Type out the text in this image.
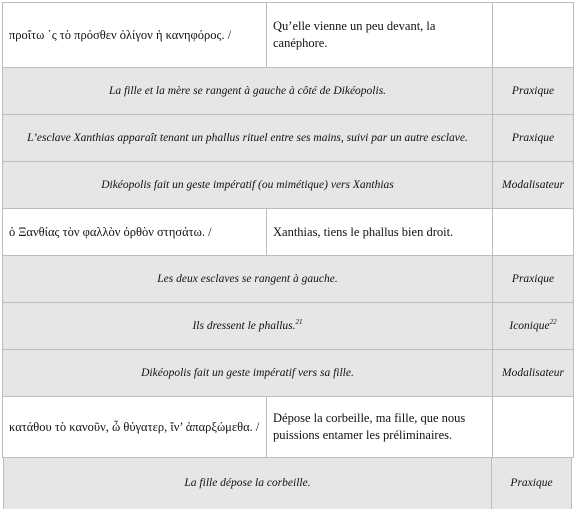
προΐτω ΄ς τὸ πρόσθεν ὀλίγον ἡ κανηφόρος. /	Qu’elle vienne un peu devant, la canéphore.	
La fille et la mère se rangent à gauche à côté de Dikéopolis.		Praxique
L’esclave Xanthias apparaît tenant un phallus rituel entre ses mains, suivi par un autre esclave.		Praxique
Dikéopolis fait un geste impératif (ou mimétique) vers Xanthias		Modalisateur
ὁ Ξανθίας τὸν φαλλὸν ὀρθὸν στησάτω. /	Xanthias, tiens le phallus bien droit.	
Les deux esclaves se rangent à gauche.		Praxique
Ils dressent le phallus.$^{21}$		Iconique$^{22}$
Dikéopolis fait un geste impératif vers sa fille.		Modalisateur
κατάθου τὸ κανοῦν, ὦ θύγατερ, ἵν’ ἀπαρξώμεθα. /	Dépose la corbeille, ma fille, que nous puissions entamer les préliminaires.	
La fille dépose la corbeille.	Praxique
